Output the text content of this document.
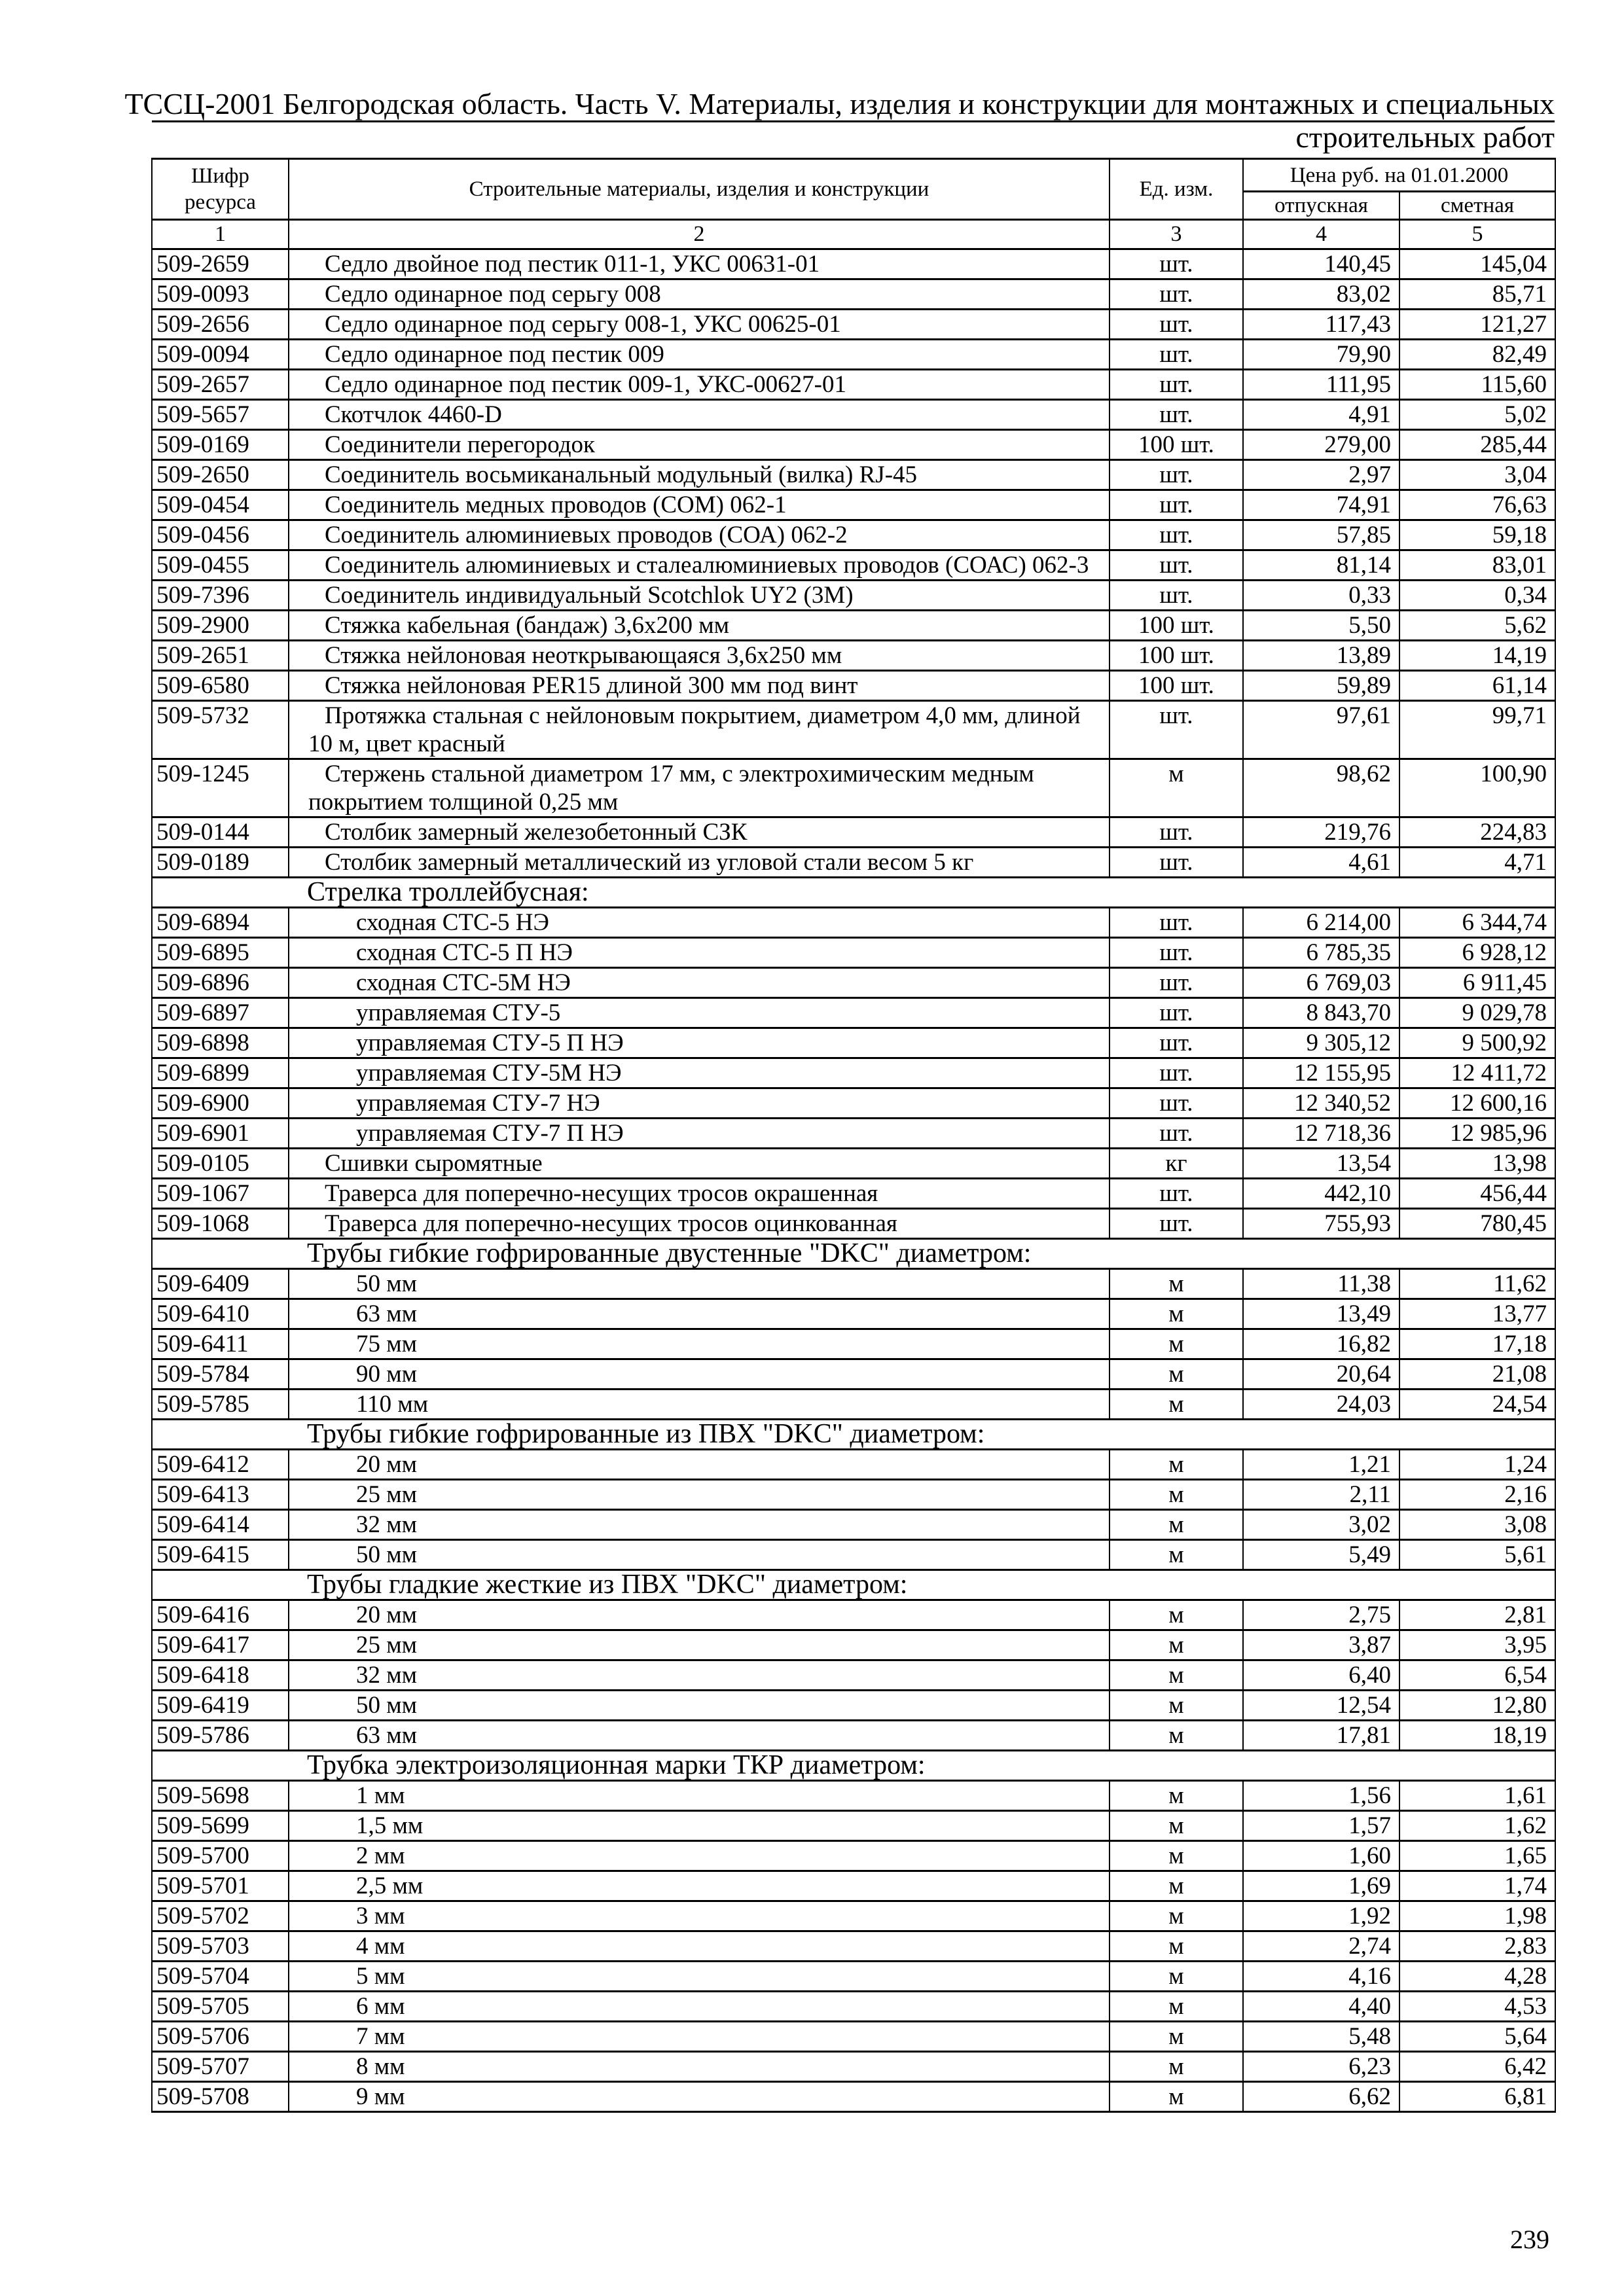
ТССЦ-2001 Белгородская область. Часть V. Материалы, изделия и конструкции для монтажных и специальных
строительных работ
Шифр ресурса	Строительные материалы, изделия и конструкции	Ед. изм.	Цена руб. на 01.01.2000	
			отпускная	сметная
1	2	3	4	5
509-2659	Седло двойное под пестик 011-1, УКС 00631-01	шт.	140,45	145,04
509-0093	Седло одинарное под серьгу 008	шт.	83,02	85,71
509-2656	Седло одинарное под серьгу 008-1, УКС 00625-01	шт.	117,43	121,27
509-0094	Седло одинарное под пестик 009	шт.	79,90	82,49
509-2657	Седло одинарное под пестик 009-1, УКС-00627-01	шт.	111,95	115,60
509-5657	Скотчлок 4460-D	шт.	4,91	5,02
509-0169	Соединители перегородок	100 шт.	279,00	285,44
509-2650	Соединитель восьмиканальный модульный (вилка) RJ-45	шт.	2,97	3,04
509-0454	Соединитель медных проводов (СОМ) 062-1	шт.	74,91	76,63
509-0456	Соединитель алюминиевых проводов (СОА) 062-2	шт.	57,85	59,18
509-0455	Соединитель алюминиевых и сталеалюминиевых проводов (СОАС) 062-3	шт.	81,14	83,01
509-7396	Соединитель индивидуальный Scotchlok UY2 (3M)	шт.	0,33	0,34
509-2900	Стяжка кабельная (бандаж) 3,6х200 мм	100 шт.	5,50	5,62
509-2651	Стяжка нейлоновая неоткрывающаяся 3,6х250 мм	100 шт.	13,89	14,19
509-6580	Стяжка нейлоновая PER15 длиной 300 мм под винт	100 шт.	59,89	61,14
509-5732	Протяжка стальная с нейлоновым покрытием, диаметром 4,0 мм, длиной 10 м, цвет красный	шт.	97,61	99,71
509-1245	Стержень стальной диаметром 17 мм, с электрохимическим медным покрытием толщиной 0,25 мм	м	98,62	100,90
509-0144	Столбик замерный железобетонный СЗК	шт.	219,76	224,83
509-0189	Столбик замерный металлический из угловой стали весом 5 кг	шт.	4,61	4,71
Стрелка троллейбусная:				
509-6894	сходная СТС-5 НЭ	шт.	6 214,00	6 344,74
509-6895	сходная СТС-5 П НЭ	шт.	6 785,35	6 928,12
509-6896	сходная СТС-5М НЭ	шт.	6 769,03	6 911,45
509-6897	управляемая СТУ-5	шт.	8 843,70	9 029,78
509-6898	управляемая СТУ-5 П НЭ	шт.	9 305,12	9 500,92
509-6899	управляемая СТУ-5М НЭ	шт.	12 155,95	12 411,72
509-6900	управляемая СТУ-7 НЭ	шт.	12 340,52	12 600,16
509-6901	управляемая СТУ-7 П НЭ	шт.	12 718,36	12 985,96
509-0105	Сшивки сыромятные	кг	13,54	13,98
509-1067	Траверса для поперечно-несущих тросов окрашенная	шт.	442,10	456,44
509-1068	Траверса для поперечно-несущих тросов оцинкованная	шт.	755,93	780,45
Трубы гибкие гофрированные двустенные "DKC" диаметром:				
509-6409	50 мм	м	11,38	11,62
509-6410	63 мм	м	13,49	13,77
509-6411	75 мм	м	16,82	17,18
509-5784	90 мм	м	20,64	21,08
509-5785	110 мм	м	24,03	24,54
Трубы гибкие гофрированные из ПВХ "DKC" диаметром:				
509-6412	20 мм	м	1,21	1,24
509-6413	25 мм	м	2,11	2,16
509-6414	32 мм	м	3,02	3,08
509-6415	50 мм	м	5,49	5,61
Трубы гладкие жесткие из ПВХ "DKC" диаметром:				
509-6416	20 мм	м	2,75	2,81
509-6417	25 мм	м	3,87	3,95
509-6418	32 мм	м	6,40	6,54
509-6419	50 мм	м	12,54	12,80
509-5786	63 мм	м	17,81	18,19
Трубка электроизоляционная марки ТКР диаметром:				
509-5698	1 мм	м	1,56	1,61
509-5699	1,5 мм	м	1,57	1,62
509-5700	2 мм	м	1,60	1,65
509-5701	2,5 мм	м	1,69	1,74
509-5702	3 мм	м	1,92	1,98
509-5703	4 мм	м	2,74	2,83
509-5704	5 мм	м	4,16	4,28
509-5705	6 мм	м	4,40	4,53
509-5706	7 мм	м	5,48	5,64
509-5707	8 мм	м	6,23	6,42
509-5708	9 мм	м	6,62	6,81
239
